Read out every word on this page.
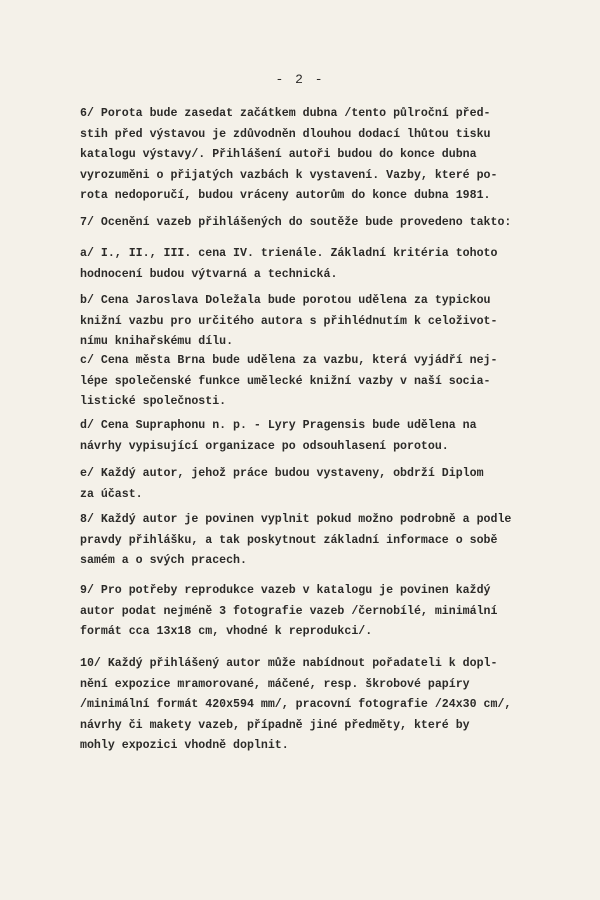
- 2 -
6/ Porota bude zasedat začátkem dubna /tento půlroční před-
stih před výstavou je zdůvodněn dlouhou dodací lhůtou tisku
katalogu výstavy/. Přihlášení autoři budou do konce dubna
vyrozuměni o přijatých vazbách k vystavení. Vazby, které po-
rota nedoporučí, budou vráceny autorům do konce dubna 1981.
7/ Ocenění vazeb přihlášených do soutěže bude provedeno takto:
a/ I., II., III. cena IV. trienále. Základní kritéria tohoto
hodnocení budou výtvarná a technická.
b/ Cena Jaroslava Doležala bude porotou udělena za typickou
knižní vazbu pro určitého autora s přihlédnutím k celoživot-
nímu knihařskému dílu.
c/ Cena města Brna bude udělena za vazbu, která vyjádří nej-
lépe společenské funkce umělecké knižní vazby v naší socia-
listické společnosti.
d/ Cena Supraphonu n. p. - Lyry Pragensis bude udělena na
návrhy vypisující organizace po odsouhlasení porotou.
e/ Každý autor, jehož práce budou vystaveny, obdrží Diplom
za účast.
8/ Každý autor je povinen vyplnit pokud možno podrobně a podle
pravdy přihlášku, a tak poskytnout základní informace o sobě
samém a o svých pracech.
9/ Pro potřeby reprodukce vazeb v katalogu je povinen každý
autor podat nejméně 3 fotografie vazeb /černobílé, minimální
formát cca 13x18 cm, vhodné k reprodukci/.
10/ Každý přihlášený autor může nabídnout pořadateli k dopl-
nění expozice mramorované, máčené, resp. škrobové papíry
/minimální formát 420x594 mm/, pracovní fotografie /24x30 cm/,
návrhy či makety vazeb, případně jiné předměty, které by
mohly expozici vhodně doplnit.
